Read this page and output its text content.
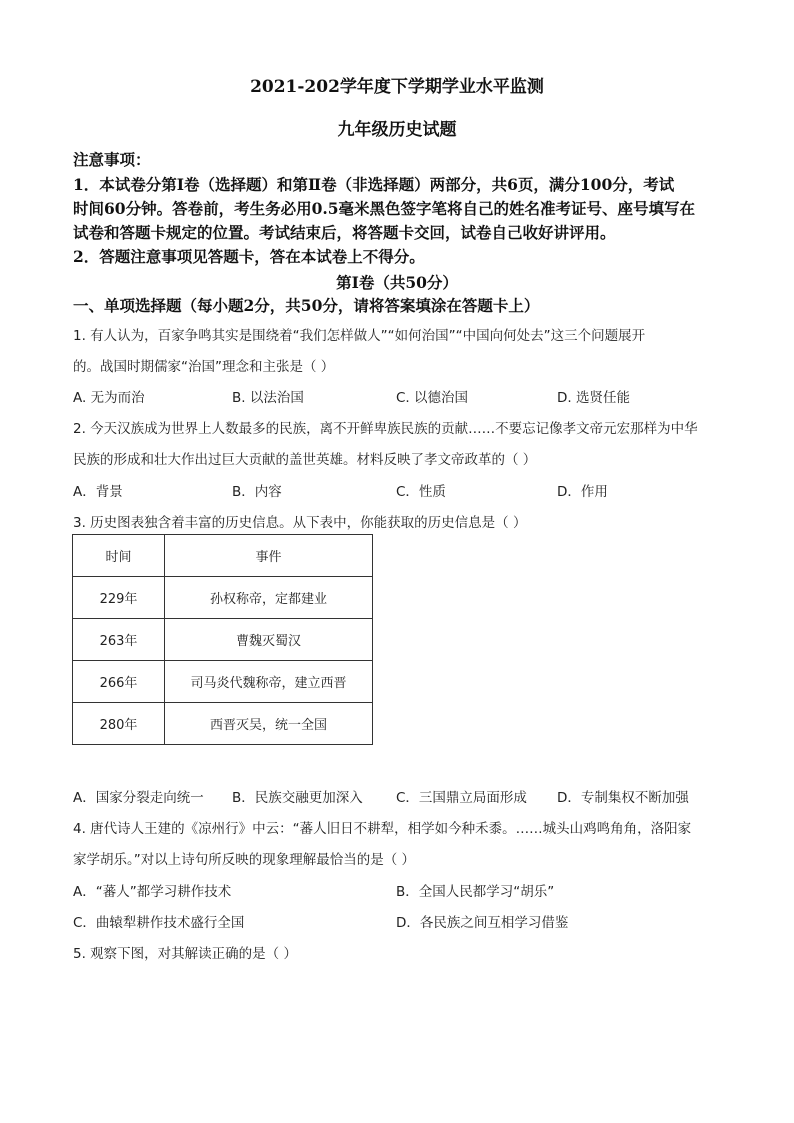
2021-202学年度下学期学业水平监测
九年级历史试题
注意事项：
1．本试卷分第Ⅰ卷（选择题）和第Ⅱ卷（非选择题）两部分，共6页，满分100分，考试
时间60分钟。答卷前，考生务必用0.5毫米黑色签字笔将自己的姓名准考证号、座号填写在
试卷和答题卡规定的位置。考试结束后，将答题卡交回，试卷自己收好讲评用。
2．答题注意事项见答题卡，答在本试卷上不得分。
第Ⅰ卷（共50分）
一、单项选择题（每小题2分，共50分，请将答案填涂在答题卡上）
1. 有人认为，百家争鸣其实是围绕着“我们怎样做人”“如何治国”“中国向何处去”这三个问题展开
的。战国时期儒家“治国”理念和主张是（ ）
A. 无为而治	B. 以法治国	C. 以德治国	D. 选贤任能
2. 今天汉族成为世界上人数最多的民族，离不开鲜卑族民族的贡献……不要忘记像孝文帝元宏那样为中华
民族的形成和壮大作出过巨大贡献的盖世英雄。材料反映了孝文帝政革的（ ）
A．背景	B．内容	C．性质	D．作用
3. 历史图表独含着丰富的历史信息。从下表中，你能获取的历史信息是（ ）
时间	事件
229年	孙权称帝，定都建业
263年	曹魏灭蜀汉
266年	司马炎代魏称帝，建立西晋
280年	西晋灭吴，统一全国
A．国家分裂走向统一 B．民族交融更加深入 C．三国鼎立局面形成 D．专制集权不断加强
4. 唐代诗人王建的《凉州行》中云：“蕃人旧日不耕犁，相学如今种禾黍。……城头山鸡鸣角角，洛阳家
家学胡乐。”对以上诗句所反映的现象理解最恰当的是（ ）
A．“蕃人”都学习耕作技术	B．全国人民都学习“胡乐”
C．曲辕犁耕作技术盛行全国	D．各民族之间互相学习借鉴
5. 观察下图，对其解读正确的是（ ）
